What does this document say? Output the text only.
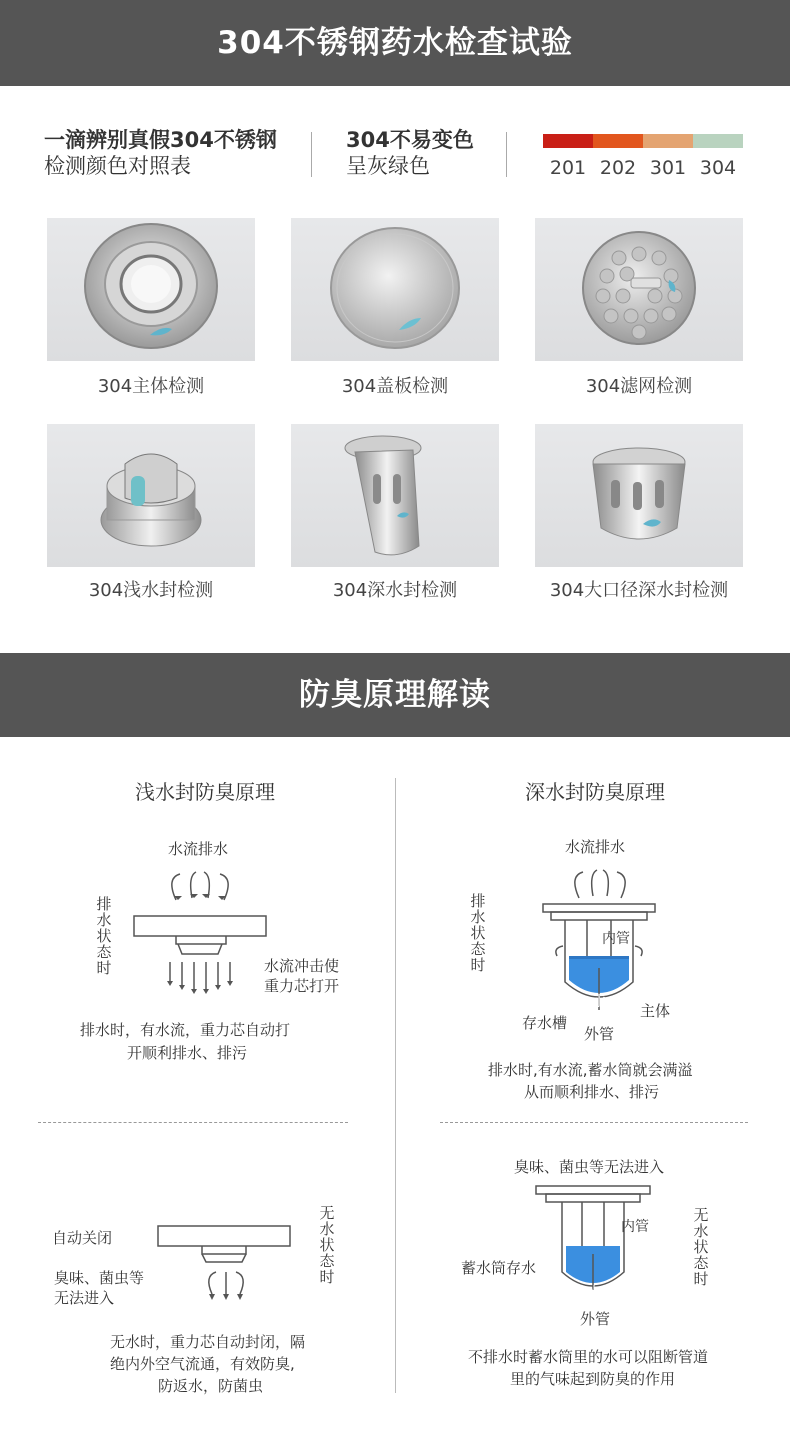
304不锈钢药水检查试验
一滴辨别真假304不锈钢
检测颜色对照表
304不易变色
呈灰绿色	201 202 301 304
304主体检测	304盖板检测	304滤网检测
304浅水封检测	304深水封检测	304大口径深水封检测
防臭原理解读
浅水封防臭原理	深水封防臭原理
水流排水
排水状态时	水流冲击使
重力芯打开
排水时，有水流，重力芯自动打
开顺利排水、排污
水流排水
排水状态时
内管
水 主体
存水槽
外管
排水时,有水流,蓄水筒就会满溢
从而顺利排水、排污
自动关闭
臭味、菌虫等
无法进入
无水状态时
无水时，重力芯自动封闭，隔
绝内外空气流通，有效防臭,
防返水，防菌虫
臭味、菌虫等无法进入
内管
蓄水筒存水
水
外管
无水状态时
不排水时蓄水筒里的水可以阻断管道
里的气味起到防臭的作用
